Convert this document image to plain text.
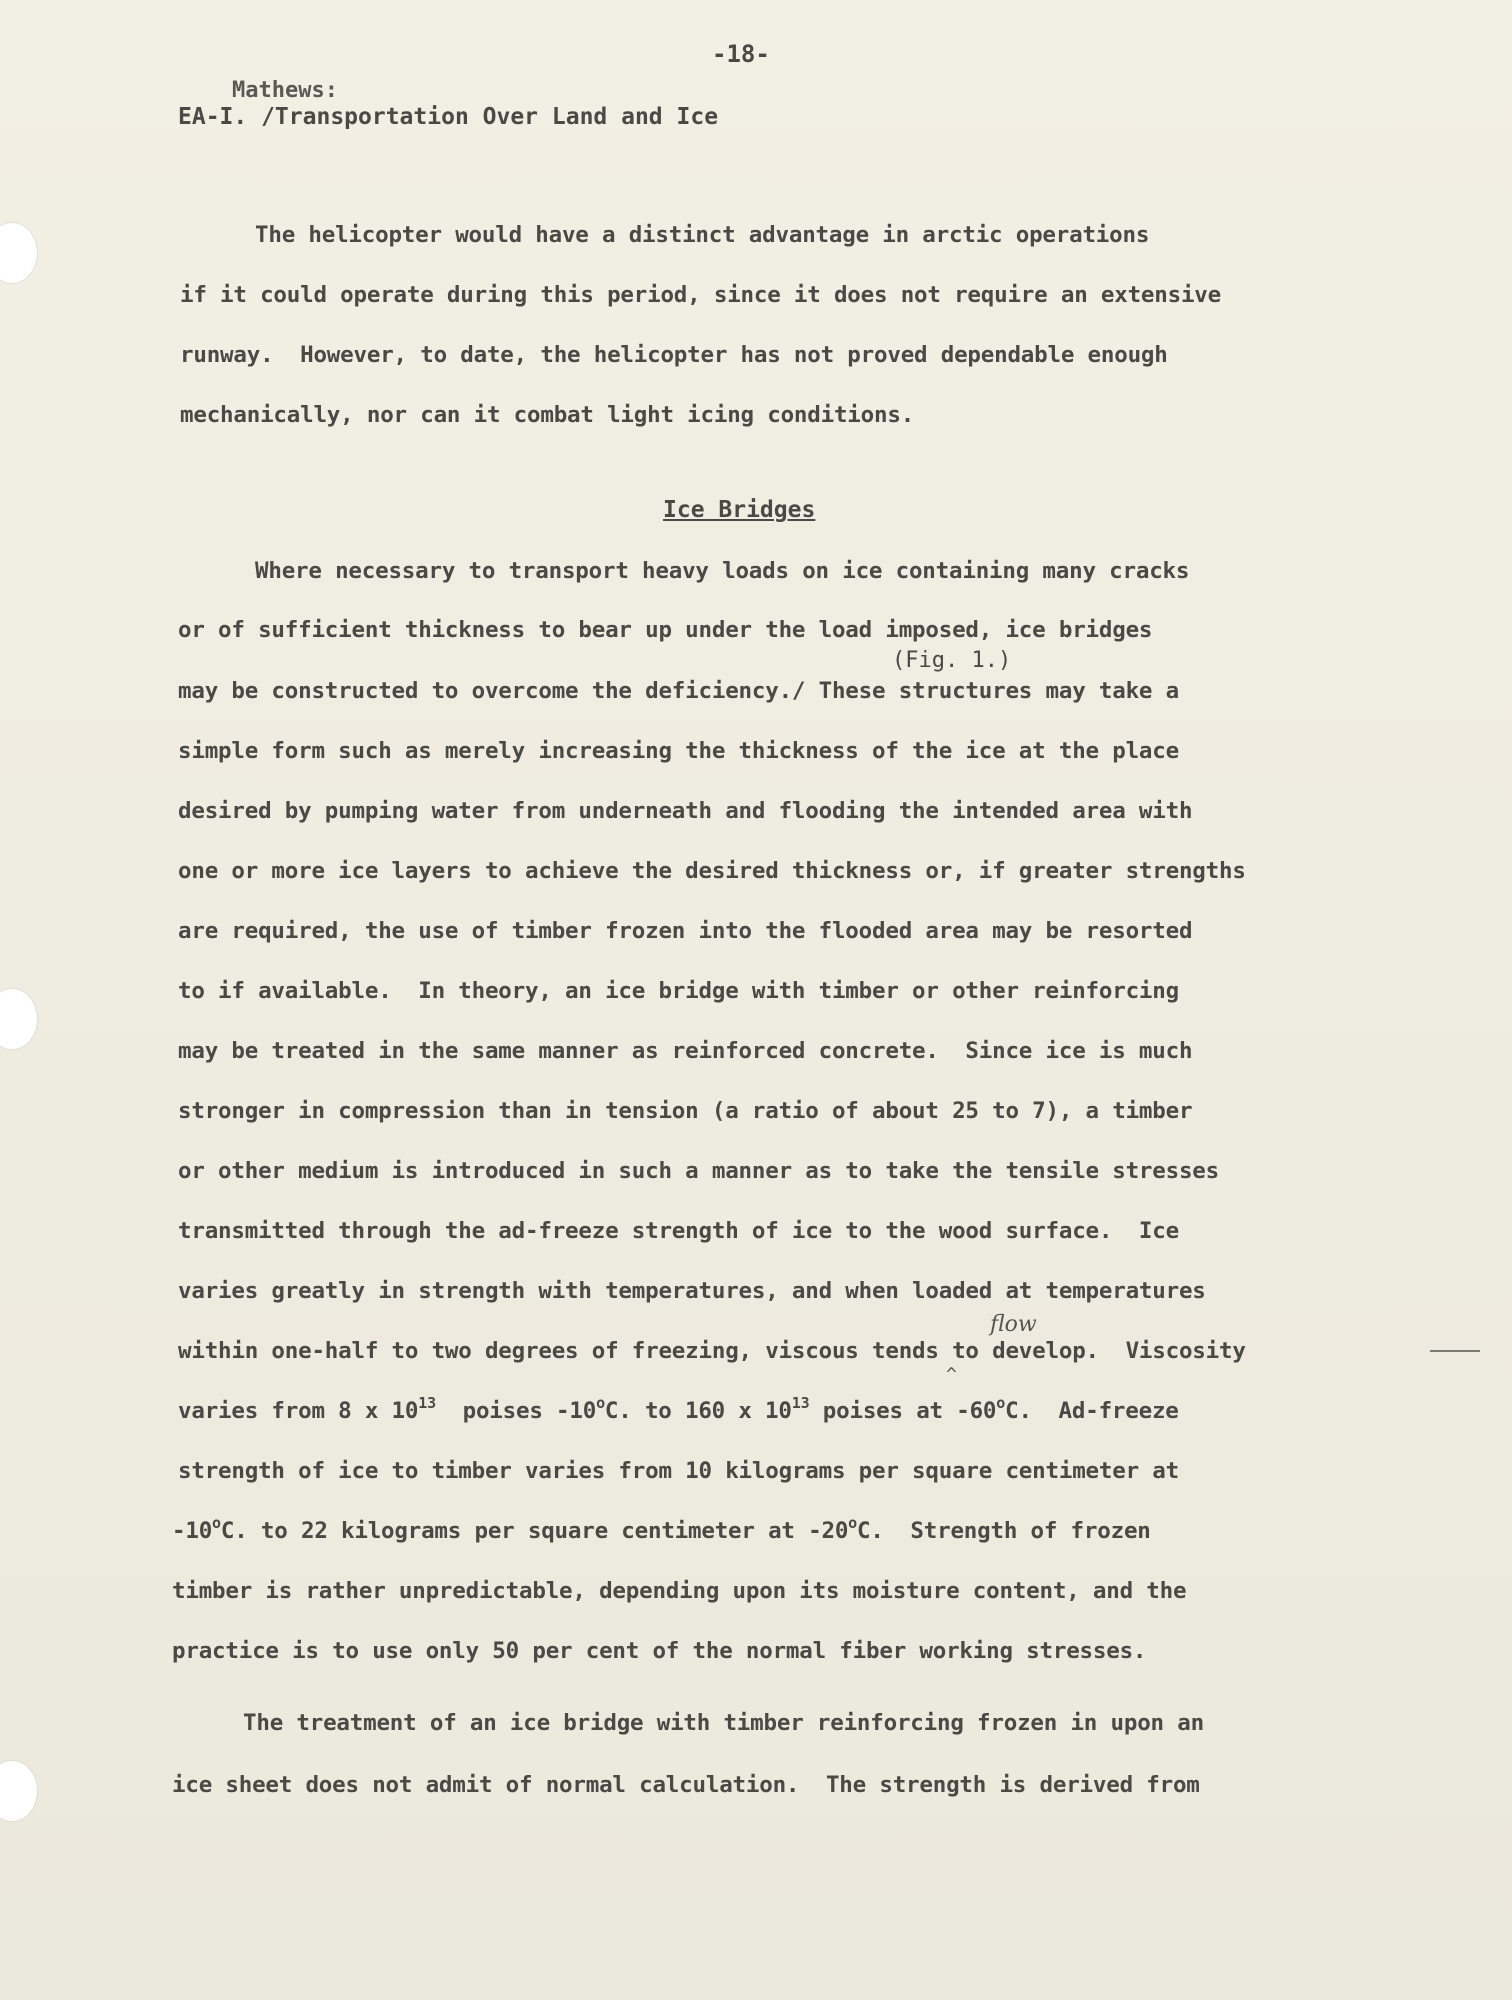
-18-
Mathews:
EA-I. /Transportation Over Land and Ice
The helicopter would have a distinct advantage in arctic operations
if it could operate during this period, since it does not require an extensive
runway.  However, to date, the helicopter has not proved dependable enough
mechanically, nor can it combat light icing conditions.
Ice Bridges
Where necessary to transport heavy loads on ice containing many cracks
or of sufficient thickness to bear up under the load imposed, ice bridges
(Fig. 1.)
may be constructed to overcome the deficiency./ These structures may take a
simple form such as merely increasing the thickness of the ice at the place
desired by pumping water from underneath and flooding the intended area with
one or more ice layers to achieve the desired thickness or, if greater strengths
are required, the use of timber frozen into the flooded area may be resorted
to if available.  In theory, an ice bridge with timber or other reinforcing
may be treated in the same manner as reinforced concrete.  Since ice is much
stronger in compression than in tension (a ratio of about 25 to 7), a timber
or other medium is introduced in such a manner as to take the tensile stresses
transmitted through the ad-freeze strength of ice to the wood surface.  Ice
varies greatly in strength with temperatures, and when loaded at temperatures
flow
within one-half to two degrees of freezing, viscous tends to develop.  Viscosity
^
varies from 8 x $10^{13}$  poises -10$^o$C. to 160 x $10^{13}$ poises at -60$^o$C.  Ad-freeze
strength of ice to timber varies from 10 kilograms per square centimeter at
-10$^o$C. to 22 kilograms per square centimeter at -20$^o$C.  Strength of frozen
timber is rather unpredictable, depending upon its moisture content, and the
practice is to use only 50 per cent of the normal fiber working stresses.
The treatment of an ice bridge with timber reinforcing frozen in upon an
ice sheet does not admit of normal calculation.  The strength is derived from
